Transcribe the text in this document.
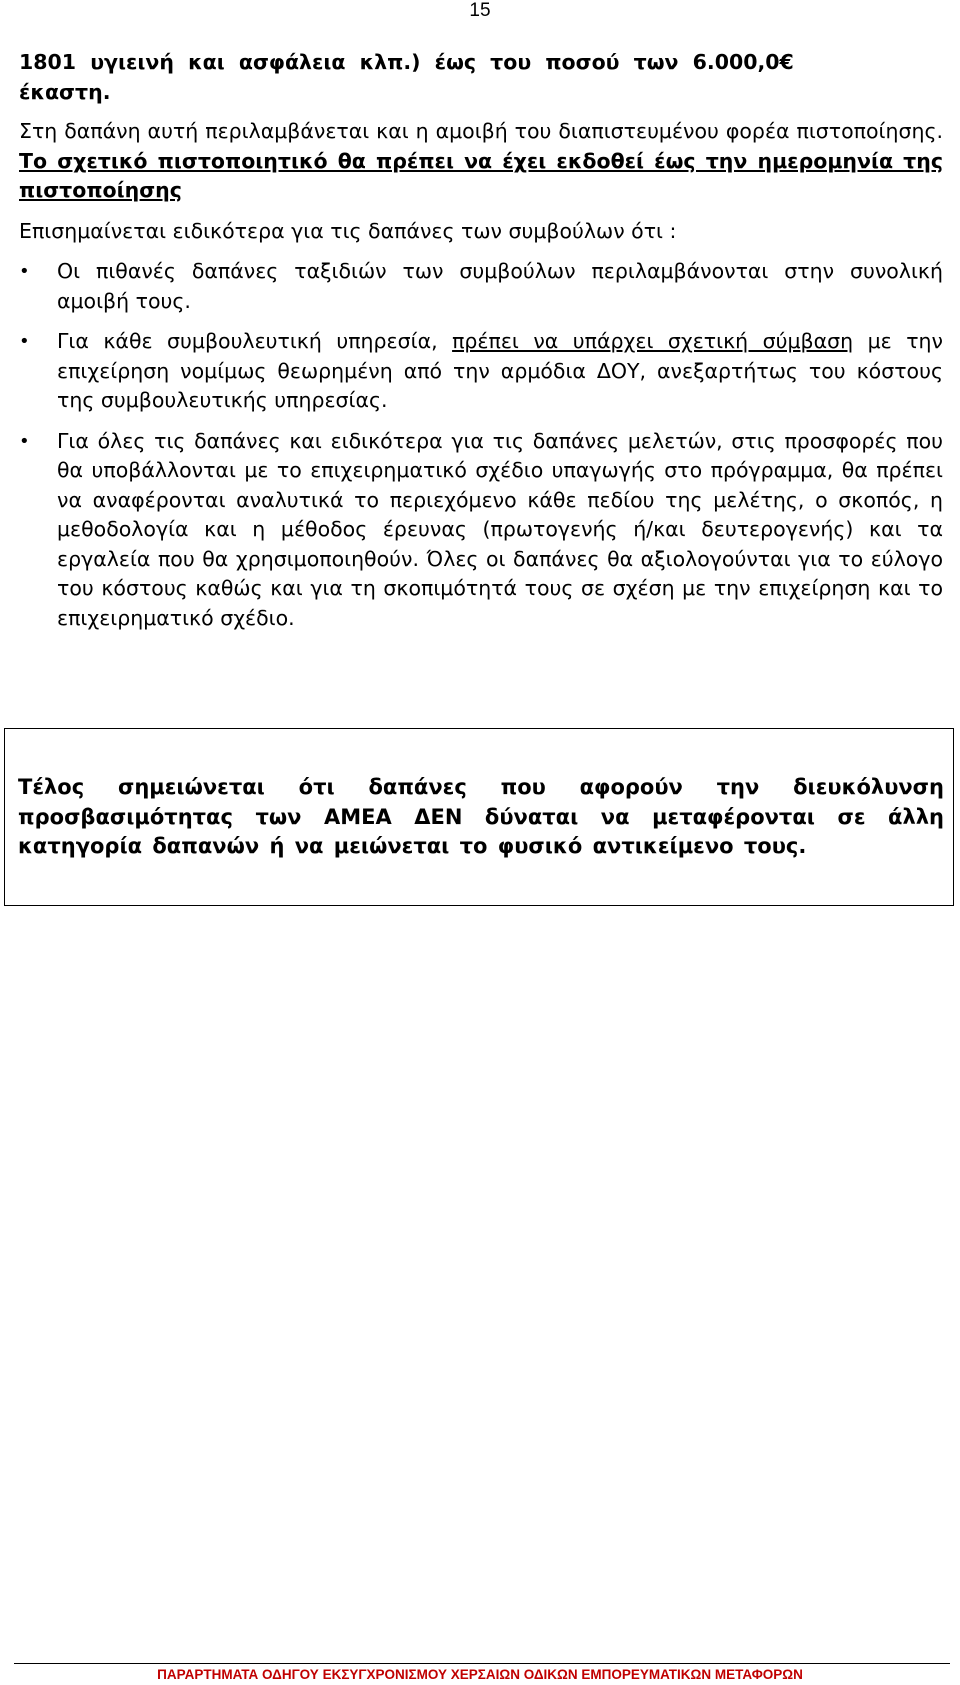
15

1801 υγιεινή και ασφάλεια κλπ.) έως του ποσού των 6.000,0€
έκαστη.

Στη δαπάνη αυτή περιλαμβάνεται και η αμοιβή του διαπιστευμένου φορέα πιστοποίησης. Το σχετικό πιστοποιητικό θα πρέπει να έχει εκδοθεί έως την ημερομηνία της πιστοποίησης

Επισημαίνεται ειδικότερα για τις δαπάνες των συμβούλων ότι :

• Οι πιθανές δαπάνες ταξιδιών των συμβούλων περιλαμβάνονται στην συνολική αμοιβή τους.
• Για κάθε συμβουλευτική υπηρεσία, πρέπει να υπάρχει σχετική σύμβαση με την επιχείρηση νομίμως θεωρημένη από την αρμόδια ΔΟΥ, ανεξαρτήτως του κόστους της συμβουλευτικής υπηρεσίας.
• Για όλες τις δαπάνες και ειδικότερα για τις δαπάνες μελετών, στις προσφορές που θα υποβάλλονται με το επιχειρηματικό σχέδιο υπαγωγής στο πρόγραμμα, θα πρέπει να αναφέρονται αναλυτικά το περιεχόμενο κάθε πεδίου της μελέτης, ο σκοπός, η μεθοδολογία και η μέθοδος έρευνας (πρωτογενής ή/και δευτερογενής) και τα εργαλεία που θα χρησιμοποιηθούν. Όλες οι δαπάνες θα αξιολογούνται για το εύλογο του κόστους καθώς και για τη σκοπιμότητά τους σε σχέση με την επιχείρηση και το επιχειρηματικό σχέδιο.
Τέλος σημειώνεται ότι δαπάνες που αφορούν την διευκόλυνση προσβασιμότητας των ΑΜΕΑ ΔΕΝ δύναται να μεταφέρονται σε άλλη κατηγορία δαπανών ή να μειώνεται το φυσικό αντικείμενο τους.
ΠΑΡΑΡΤΗΜΑΤΑ ΟΔΗΓΟΥ ΕΚΣΥΓΧΡΟΝΙΣΜΟΥ ΧΕΡΣΑΙΩΝ ΟΔΙΚΩΝ ΕΜΠΟΡΕΥΜΑΤΙΚΩΝ ΜΕΤΑΦΟΡΩΝ
